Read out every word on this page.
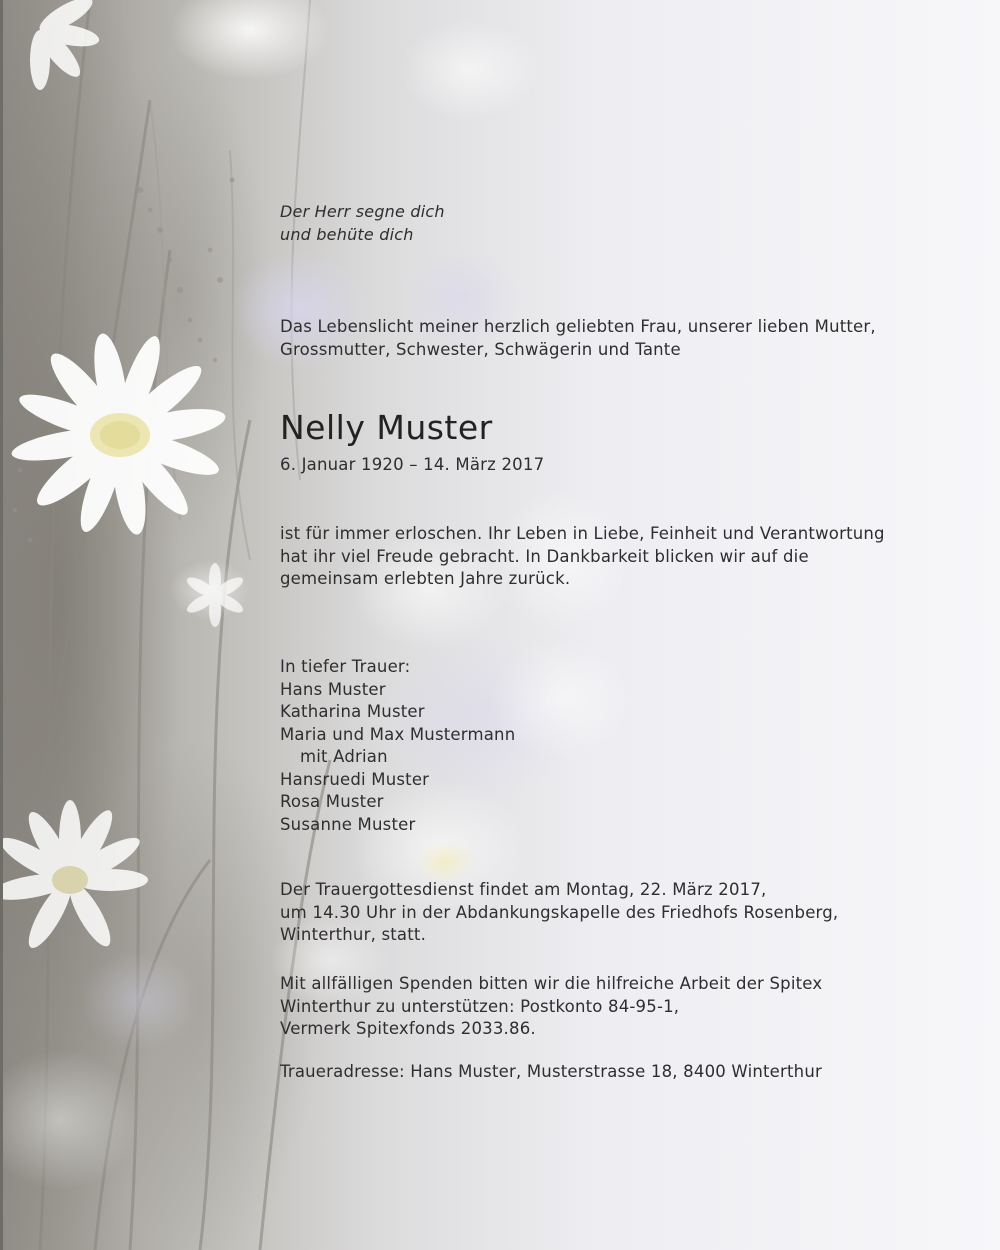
Der Herr segne dich
und behüte dich
Das Lebenslicht meiner herzlich geliebten Frau, unserer lieben Mutter,
Grossmutter, Schwester, Schwägerin und Tante
Nelly Muster
6. Januar 1920 – 14. März 2017
ist für immer erloschen. Ihr Leben in Liebe, Feinheit und Verantwortung
hat ihr viel Freude gebracht. In Dankbarkeit blicken wir auf die
gemeinsam erlebten Jahre zurück.
In tiefer Trauer:
Hans Muster
Katharina Muster
Maria und Max Mustermann
mit Adrian
Hansruedi Muster
Rosa Muster
Susanne Muster
Der Trauergottesdienst findet am Montag, 22. März 2017,
um 14.30 Uhr in der Abdankungskapelle des Friedhofs Rosenberg,
Winterthur, statt.
Mit allfälligen Spenden bitten wir die hilfreiche Arbeit der Spitex
Winterthur zu unterstützen: Postkonto 84-95-1,
Vermerk Spitexfonds 2033.86.
Traueradresse: Hans Muster, Musterstrasse 18, 8400 Winterthur
